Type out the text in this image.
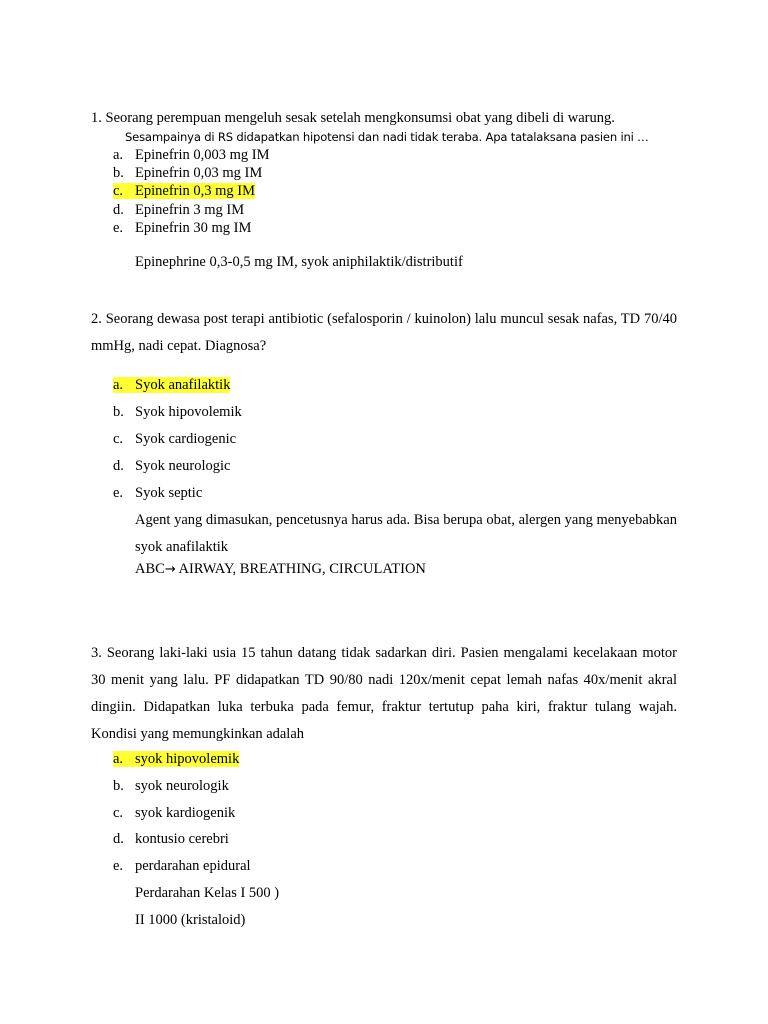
1. Seorang perempuan mengeluh sesak setelah mengkonsumsi obat yang dibeli di warung.
Sesampainya di RS didapatkan hipotensi dan nadi tidak teraba. Apa tatalaksana pasien ini …
a. Epinefrin 0,003 mg IM
b. Epinefrin 0,03 mg IM
c. Epinefrin 0,3 mg IM
d. Epinefrin 3 mg IM
e. Epinefrin 30 mg IM
Epinephrine 0,3-0,5 mg IM, syok aniphilaktik/distributif
2. Seorang dewasa post terapi antibiotic (sefalosporin / kuinolon) lalu muncul sesak nafas, TD 70/40 mmHg, nadi cepat. Diagnosa?
a. Syok anafilaktik
b. Syok hipovolemik
c. Syok cardiogenic
d. Syok neurologic
e. Syok septic
Agent yang dimasukan, pencetusnya harus ada. Bisa berupa obat, alergen yang menyebabkan syok anafilaktik
ABC→ AIRWAY, BREATHING, CIRCULATION
3. Seorang laki-laki usia 15 tahun datang tidak sadarkan diri. Pasien mengalami kecelakaan motor 30 menit yang lalu. PF didapatkan TD 90/80 nadi 120x/menit cepat lemah nafas 40x/menit akral dingiin. Didapatkan luka terbuka pada femur, fraktur tertutup paha kiri, fraktur tulang wajah. Kondisi yang memungkinkan adalah
a. syok hipovolemik
b. syok neurologik
c. syok kardiogenik
d. kontusio cerebri
e. perdarahan epidural
Perdarahan Kelas I 500 )
II 1000 (kristaloid)
